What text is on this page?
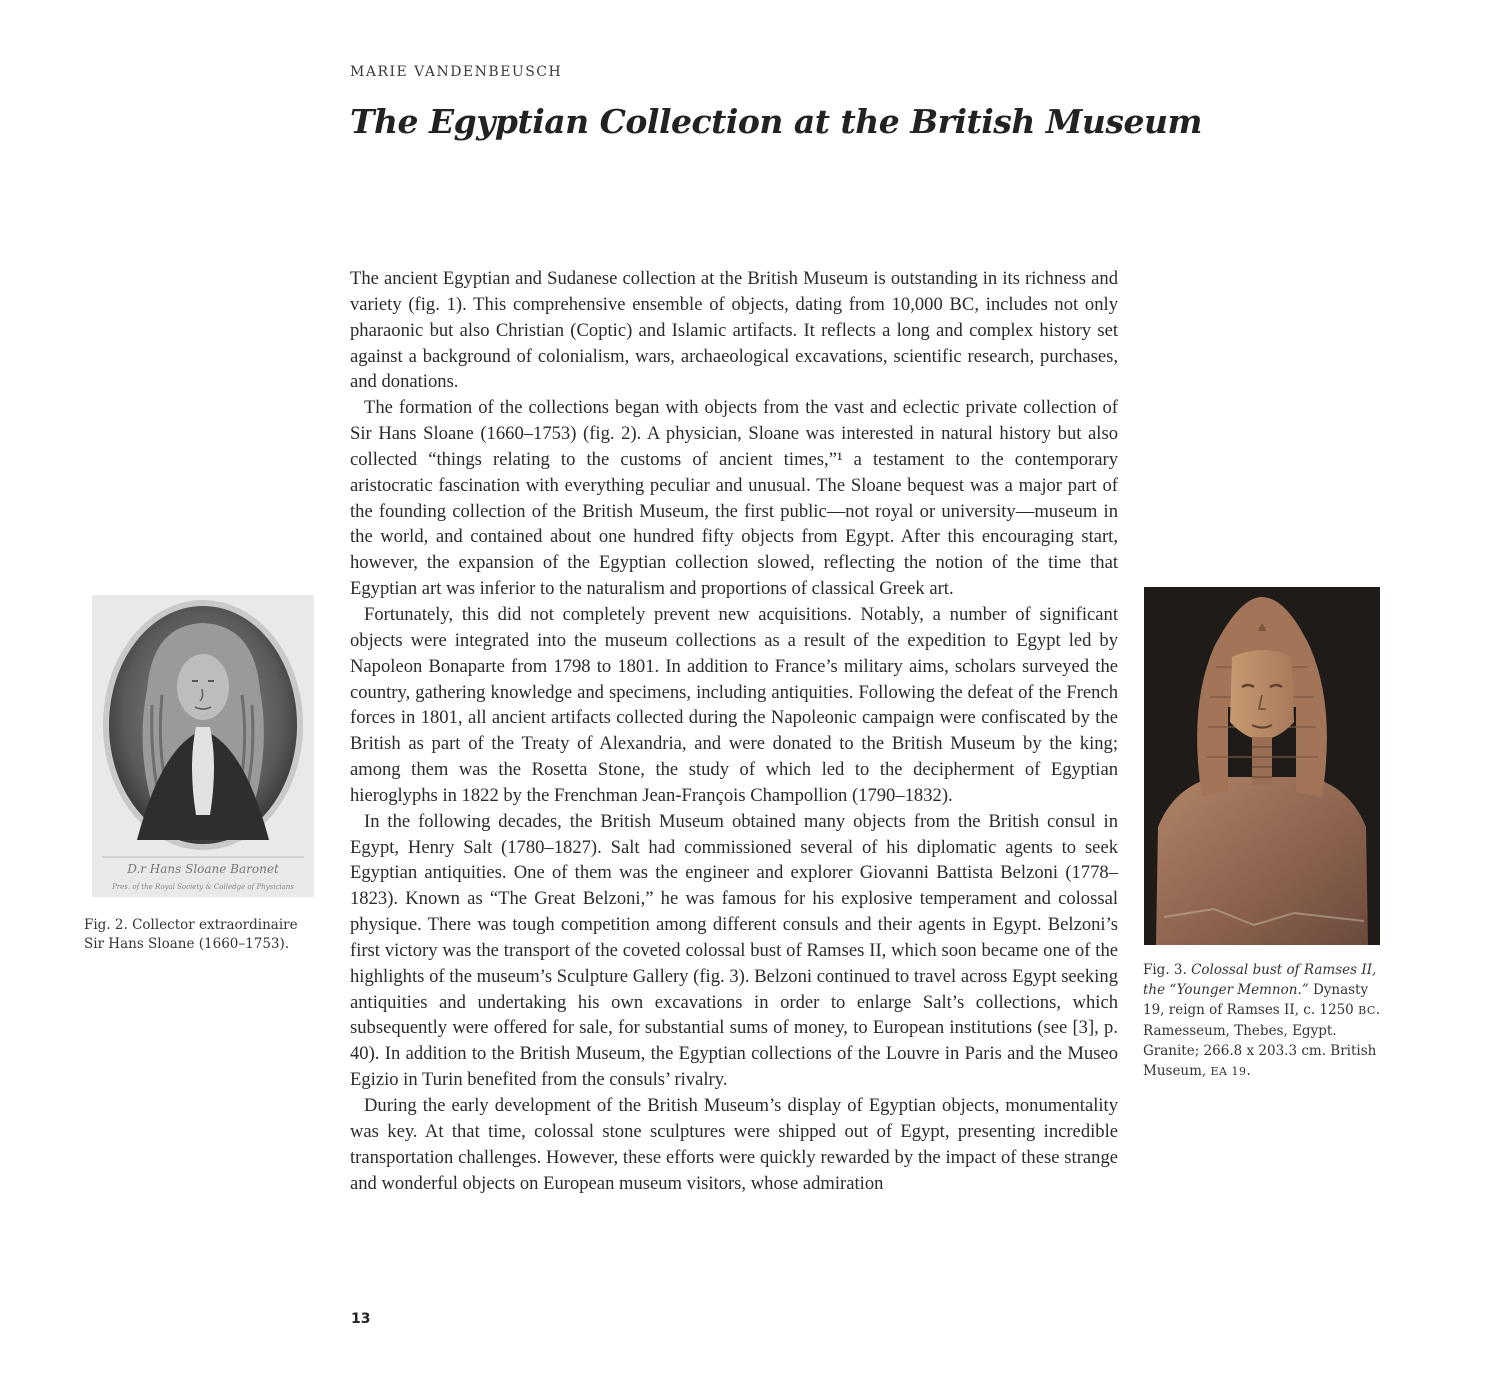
MARIE VANDENBEUSCH
The Egyptian Collection at the British Museum

The ancient Egyptian and Sudanese collection at the British Museum is outstanding in its richness and variety (fig. 1). This comprehensive ensemble of objects, dating from 10,000 BC, includes not only pharaonic but also Christian (Coptic) and Islamic artifacts. It reflects a long and complex history set against a background of colonialism, wars, archaeological excavations, scientific research, purchases, and donations.

The formation of the collections began with objects from the vast and eclectic private collection of Sir Hans Sloane (1660–1753) (fig. 2). A physician, Sloane was interested in natural history but also collected “things relating to the customs of ancient times,”¹ a testament to the contemporary aristocratic fascination with everything peculiar and unusual. The Sloane bequest was a major part of the founding collection of the British Museum, the first public—not royal or university—museum in the world, and contained about one hundred fifty objects from Egypt. After this encouraging start, however, the expansion of the Egyptian collection slowed, reflecting the notion of the time that Egyptian art was inferior to the naturalism and proportions of classical Greek art.

Fortunately, this did not completely prevent new acquisitions. Notably, a number of significant objects were integrated into the museum collections as a result of the expedition to Egypt led by Napoleon Bonaparte from 1798 to 1801. In addition to France’s military aims, scholars surveyed the country, gathering knowledge and specimens, including antiquities. Following the defeat of the French forces in 1801, all ancient artifacts collected during the Napoleonic campaign were confiscated by the British as part of the Treaty of Alexandria, and were donated to the British Museum by the king; among them was the Rosetta Stone, the study of which led to the decipherment of Egyptian hieroglyphs in 1822 by the Frenchman Jean-François Champollion (1790–1832).

In the following decades, the British Museum obtained many objects from the British consul in Egypt, Henry Salt (1780–1827). Salt had commissioned several of his diplomatic agents to seek Egyptian antiquities. One of them was the engineer and explorer Giovanni Battista Belzoni (1778–1823). Known as “The Great Belzoni,” he was famous for his explosive temperament and colossal physique. There was tough competition among different consuls and their agents in Egypt. Belzoni’s first victory was the transport of the coveted colossal bust of Ramses II, which soon became one of the highlights of the museum’s Sculpture Gallery (fig. 3). Belzoni continued to travel across Egypt seeking antiquities and undertaking his own excavations in order to enlarge Salt’s collections, which subsequently were offered for sale, for substantial sums of money, to European institutions (see [3], p. 40). In addition to the British Museum, the Egyptian collections of the Louvre in Paris and the Museo Egizio in Turin benefited from the consuls’ rivalry.

During the early development of the British Museum’s display of Egyptian objects, monumentality was key. At that time, colossal stone sculptures were shipped out of Egypt, presenting incredible transportation challenges. However, these efforts were quickly rewarded by the impact of these strange and wonderful objects on European museum visitors, whose admiration

D.r Hans Sloane Baronet
Pres. of the Royal Society & Colledge of Physicians
Fig. 2. Collector extraordinaire
Sir Hans Sloane (1660–1753).
Fig. 3. Colossal bust of Ramses II, the “Younger Memnon.” Dynasty 19, reign of Ramses II, c. 1250 BC. Ramesseum, Thebes, Egypt. Granite; 266.8 x 203.3 cm. British Museum, EA 19.
13
